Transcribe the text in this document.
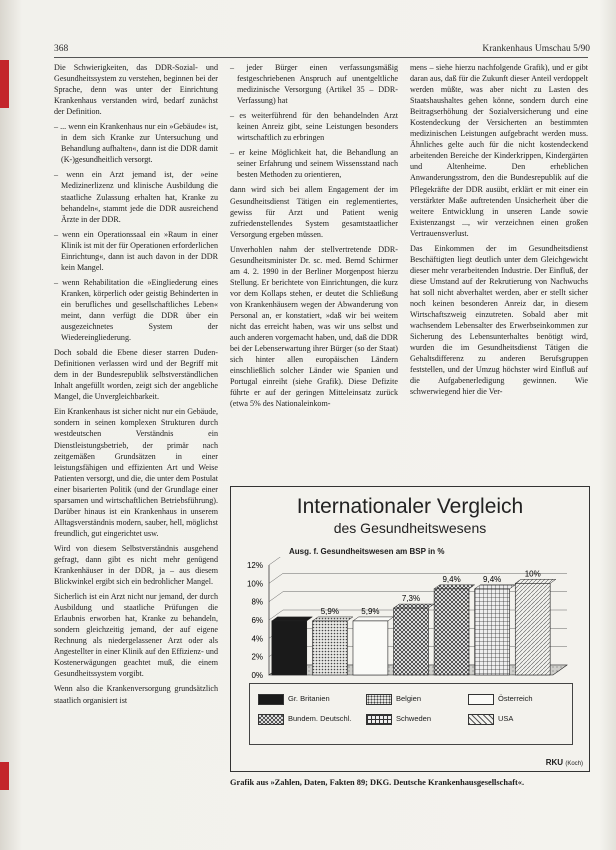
368	Krankenhaus Umschau 5/90

Die Schwierigkeiten, das DDR-Sozial- und Gesundheitssystem zu verstehen, beginnen bei der Sprache, denn was unter der Einrichtung Krankenhaus verstanden wird, bedarf zunächst der Definition.

– ... wenn ein Krankenhaus nur ein »Gebäude« ist, in dem sich Kranke zur Untersuchung und Behandlung aufhalten«, dann ist die DDR damit (K-)gesundheitlich versorgt.

– wenn ein Arzt jemand ist, der »eine Medizinerlizenz und klinische Ausbildung die staatliche Zulassung erhalten hat, Kranke zu behandeln«, stammt jede die DDR ausreichend Ärzte in der DDR.

– wenn ein Operationssaal ein »Raum in einer Klinik ist mit der für Operationen erforderlichen Einrichtung«, dann ist auch davon in der DDR kein Mangel.

– wenn Rehabilitation die »Eingliederung eines Kranken, körperlich oder geistig Behinderten in ein berufliches und gesellschaftliches Leben« meint, dann verfügt die DDR über ein ausgezeichnetes System der Wiedereingliederung.

Doch sobald die Ebene dieser starren Duden-Definitionen verlassen wird und der Begriff mit dem in der Bundesrepublik selbstverständlichen Inhalt angefüllt worden, zeigt sich der angebliche Mangel, die Unvergleichbarkeit.

Ein Krankenhaus ist sicher nicht nur ein Gebäude, sondern in seinen komplexen Strukturen durch westdeutschen Verständnis ein Dienstleistungsbetrieb, der primär nach zeitgemäßen Grundsätzen in einer leistungsfähigen und effizienten Art und Weise Patienten versorgt, und die, die unter dem Postulat einer bisarierten Politik (und der Grundlage einer sparsamen und wirtschaftlichen Betriebsführung). Darüber hinaus ist ein Krankenhaus in unserem Alltagsverständnis modern, sauber, hell, möglichst freundlich, gut eingerichtet usw.

Wird von diesem Selbstverständnis ausgehend gefragt, dann gibt es nicht mehr genügend Krankenhäuser in der DDR, ja – aus diesem Blickwinkel ergibt sich ein bedrohlicher Mangel.

Sicherlich ist ein Arzt nicht nur jemand, der durch Ausbildung und staatliche Prüfungen die Erlaubnis erworben hat, Kranke zu behandeln, sondern gleichzeitig jemand, der auf eigene Rechnung als niedergelassener Arzt oder als Angestellter in einer Klinik auf den Effizienz- und Kostenerwägungen geachtet muß, die einem Gesundheitssystem vorgibt.

Wenn also die Krankenversorgung grundsätzlich staatlich organisiert ist

– jeder Bürger einen verfassungsmäßig festgeschriebenen Anspruch auf unentgeltliche medizinische Versorgung (Artikel 35 – DDR-Verfassung) hat

– es weiterführend für den behandelnden Arzt keinen Anreiz gibt, seine Leistungen besonders wirtschaftlich zu erbringen

– er keine Möglichkeit hat, die Behandlung an seiner Erfahrung und seinem Wissensstand nach besten Methoden zu orientieren,

dann wird sich bei allem Engagement der im Gesundheitsdienst Tätigen ein reglementiertes, gewiss für Arzt und Patient wenig zufriedenstellendes System gesamtstaatlicher Versorgung ergeben müssen.

Unverhohlen nahm der stellvertretende DDR-Gesundheitsminister Dr. sc. med. Bernd Schirmer am 4. 2. 1990 in der Berliner Morgenpost hierzu Stellung. Er berichtete von Einrichtungen, die kurz vor dem Kollaps stehen, er deutet die Schließung von Krankenhäusern wegen der Abwanderung von Personal an, er konstatiert, »daß wir bei weitem nicht das erreicht haben, was wir uns selbst und auch anderen vorgemacht haben, und, daß die DDR bei der Lebenserwartung ihrer Bürger (so der Staat) sich hinter allen europäischen Ländern einschließlich solcher Länder wie Spanien und Portugal einreiht (siehe Grafik). Diese Defizite führte er auf der geringen Mitteleinsatz zurück (etwa 5% des Nationaleinkom-

mens – siehe hierzu nachfolgende Grafik), und er gibt daran aus, daß für die Zukunft dieser Anteil verdoppelt werden müßte, was aber nicht zu Lasten des Staatshaushaltes gehen könne, sondern durch eine Beitragserhöhung der Sozialversicherung und eine Kostendeckung der Versicherten an bestimmten medizinischen Leistungen aufgebracht werden muss. Ähnliches gelte auch für die nicht kostendeckend arbeitenden Bereiche der Kinderkrippen, Kindergärten und Altenheime. Den erheblichen Anwanderungsstrom, den die Bundesrepublik auf die Pflegekräfte der DDR ausübt, erklärt er mit einer ein verstärkter Maße auftretenden Unsicherheit über die weitere Entwicklung in unseren Lande sowie Existenzangst ..., wir verzeichnen einen großen Vertrauensverlust.

Das Einkommen der im Gesundheitsdienst Beschäftigten liegt deutlich unter dem Gleichgewicht dieser mehr verarbeitenden Industrie. Der Einfluß, der diese Umstand auf der Rekrutierung von Nachwuchs hat soll nicht abverhaltet werden, aber er stellt sicher noch keinen besonderen Anreiz dar, in diesem Wirtschaftszweig einzutreten. Sobald aber mit wachsendem Lebensalter des Erwerbseinkommen zur Sicherung des Lebensunterhaltes benötigt wird, wurden die im Gesundheitsdienst Tätigen die Gehaltsdifferenz zu anderen Berufsgruppen feststellen, und der Umzug höchster wird Einfluß auf die Aufgabenerledigung gewinnen. Wie schwerwiegend hier die Ver-

Internationaler Vergleich
des Gesundheitswesens
Ausg. f. Gesundheitswesen am BSP in %
0%
2%
4%
6%
8%
10%
12%
5,9%	5,9%
7,3%
9,4%	9,4%
10%
Gr. Britanien	Belgien	Österreich
Bundem. Deutschl.	Schweden	USA
RKU (Koch)
Grafik aus »Zahlen, Daten, Fakten 89; DKG. Deutsche Krankenhausgesellschaft«.
